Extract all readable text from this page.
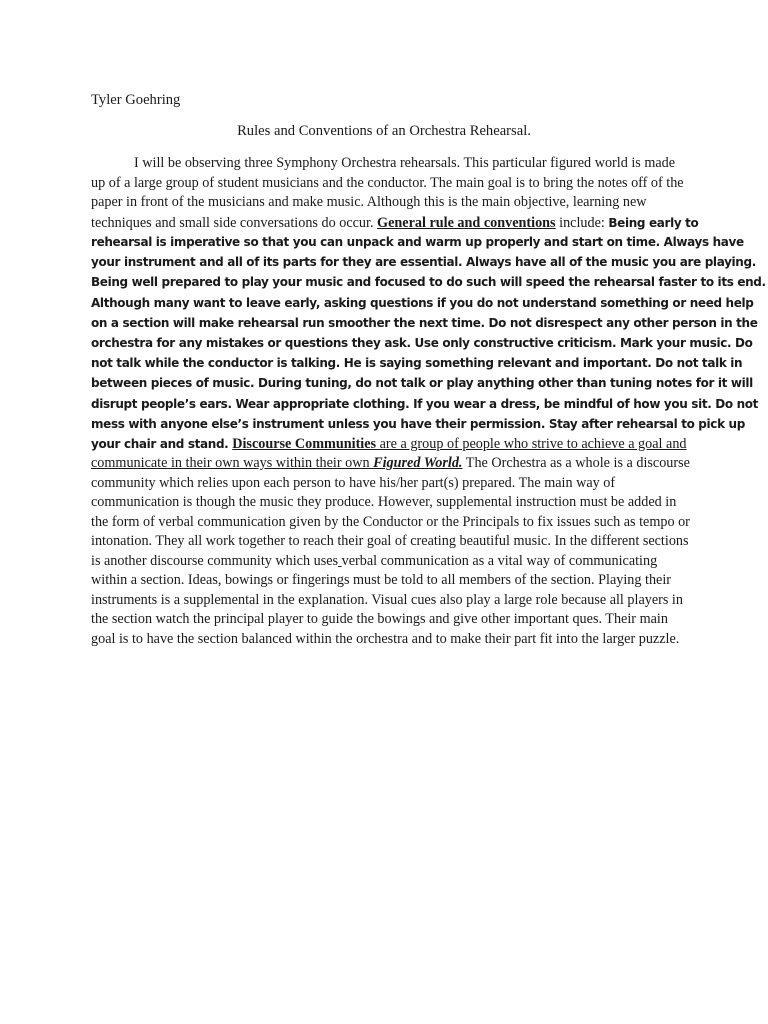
Tyler Goehring
Rules and Conventions of an Orchestra Rehearsal.
I will be observing three Symphony Orchestra rehearsals. This particular figured world is made
up of a large group of student musicians and the conductor. The main goal is to bring the notes off of the
paper in front of the musicians and make music. Although this is the main objective, learning new
techniques and small side conversations do occur. General rule and conventions include: Being early to
rehearsal is imperative so that you can unpack and warm up properly and start on time. Always have
your instrument and all of its parts for they are essential. Always have all of the music you are playing.
Being well prepared to play your music and focused to do such will speed the rehearsal faster to its end.
Although many want to leave early, asking questions if you do not understand something or need help
on a section will make rehearsal run smoother the next time. Do not disrespect any other person in the
orchestra for any mistakes or questions they ask. Use only constructive criticism. Mark your music. Do
not talk while the conductor is talking. He is saying something relevant and important. Do not talk in
between pieces of music. During tuning, do not talk or play anything other than tuning notes for it will
disrupt people’s ears. Wear appropriate clothing. If you wear a dress, be mindful of how you sit. Do not
mess with anyone else’s instrument unless you have their permission. Stay after rehearsal to pick up
your chair and stand. Discourse Communities are a group of people who strive to achieve a goal and
communicate in their own ways within their own Figured World. The Orchestra as a whole is a discourse
community which relies upon each person to have his/her part(s) prepared. The main way of
communication is though the music they produce. However, supplemental instruction must be added in
the form of verbal communication given by the Conductor or the Principals to fix issues such as tempo or
intonation. They all work together to reach their goal of creating beautiful music. In the different sections
is another discourse community which uses verbal communication as a vital way of communicating
within a section. Ideas, bowings or fingerings must be told to all members of the section. Playing their
instruments is a supplemental in the explanation. Visual cues also play a large role because all players in
the section watch the principal player to guide the bowings and give other important ques. Their main
goal is to have the section balanced within the orchestra and to make their part fit into the larger puzzle.
